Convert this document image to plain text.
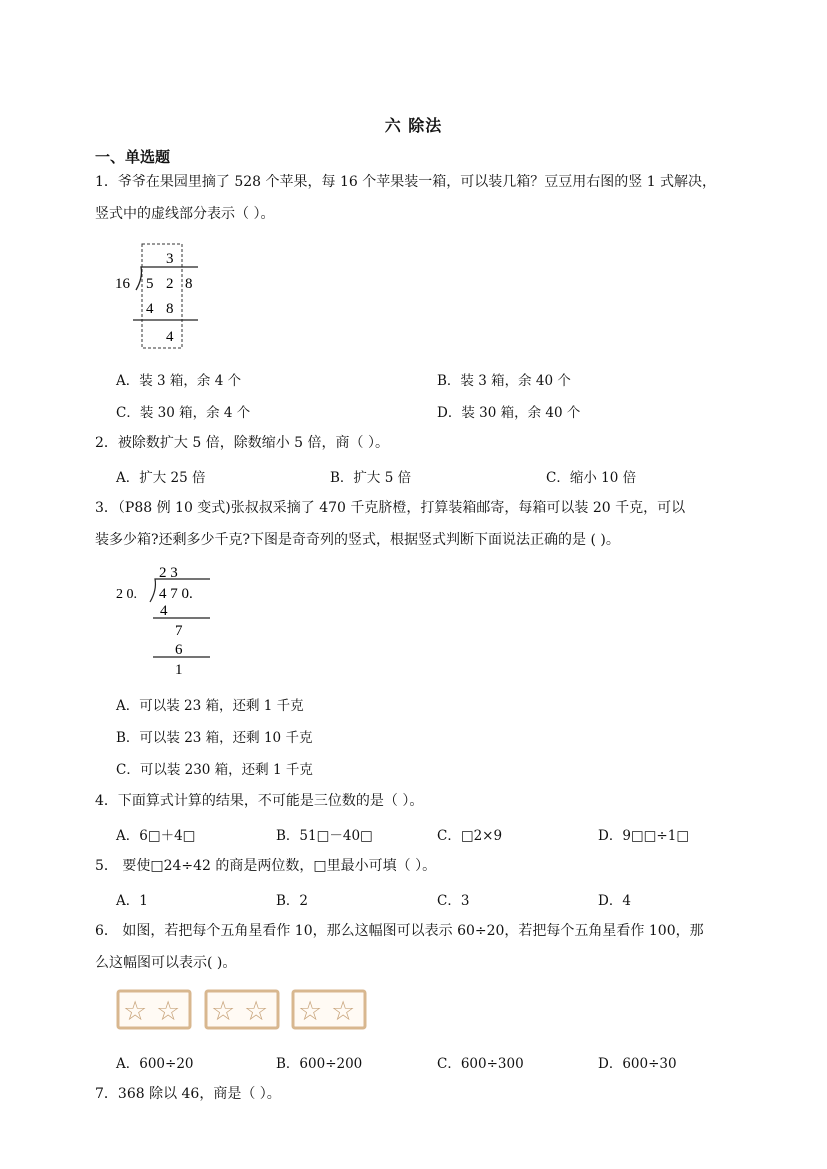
六 除法
一、单选题
1．爷爷在果园里摘了 528 个苹果，每 16 个苹果装一箱，可以装几箱？豆豆用右图的竖 1 式解决，
竖式中的虚线部分表示（ ）。
16
3
5 2 8
4 8
4
A．装 3 箱，余 4 个	B．装 3 箱，余 40 个
C．装 30 箱，余 4 个	D．装 30 箱，余 40 个
2．被除数扩大 5 倍，除数缩小 5 倍，商（ ）。
A．扩大 25 倍	B．扩大 5 倍	C．缩小 10 倍
3．（P88 例 10 变式)张叔叔采摘了 470 千克脐橙，打算装箱邮寄，每箱可以装 20 千克，可以
装多少箱?还剩多少千克?下图是奇奇列的竖式，根据竖式判断下面说法正确的是 ( )。
2 3
2 0. 4 7 0.
4
7
6
1
A．可以装 23 箱，还剩 1 千克
B．可以装 23 箱，还剩 10 千克
C．可以装 230 箱，还剩 1 千克
4．下面算式计算的结果，不可能是三位数的是（ ）。
A．6□＋4□	B．51□－40□	C．□2×9	D．9□□÷1□
5． 要使□24÷42 的商是两位数，□里最小可填（ ）。
A．1	B．2	C．3	D．4
6． 如图，若把每个五角星看作 10，那么这幅图可以表示 60÷20，若把每个五角星看作 100，那
么这幅图可以表示( )。
☆ ☆ ☆ ☆ ☆ ☆
A．600÷20	B．600÷200	C．600÷300	D．600÷30
7．368 除以 46，商是（ ）。
